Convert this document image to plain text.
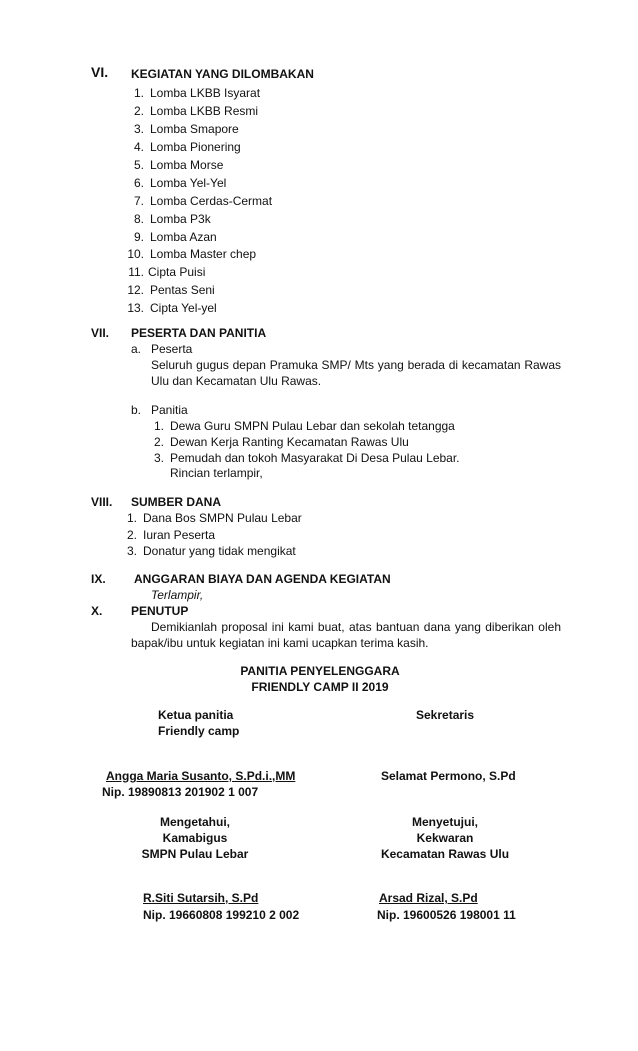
VI. KEGIATAN YANG DILOMBAKAN
1. Lomba LKBB Isyarat
2. Lomba LKBB Resmi
3. Lomba Smapore
4. Lomba Pionering
5. Lomba Morse
6. Lomba Yel-Yel
7. Lomba Cerdas-Cermat
8. Lomba P3k
9. Lomba Azan
10. Lomba Master chep
11. Cipta Puisi
12. Pentas Seni
13. Cipta Yel-yel
VII. PESERTA DAN PANITIA
a. Peserta
Seluruh gugus depan Pramuka SMP/ Mts yang berada di kecamatan Rawas Ulu dan Kecamatan Ulu Rawas.
b. Panitia
1. Dewa Guru SMPN Pulau Lebar dan sekolah tetangga
2. Dewan Kerja Ranting Kecamatan Rawas Ulu
3. Pemudah dan tokoh Masyarakat Di Desa Pulau Lebar.
Rincian terlampir,
VIII. SUMBER DANA
1. Dana Bos SMPN Pulau Lebar
2. Iuran Peserta
3. Donatur yang tidak mengikat
IX. ANGGARAN BIAYA DAN AGENDA KEGIATAN
Terlampir,
X. PENUTUP
Demikianlah proposal ini kami buat, atas bantuan dana yang diberikan oleh bapak/ibu untuk kegiatan ini kami ucapkan terima kasih.
PANITIA PENYELENGGARA
FRIENDLY CAMP II 2019
Ketua panitia
Friendly camp
Sekretaris
Angga Maria Susanto, S.Pd.i.,MM
Nip. 19890813 201902 1 007
Selamat Permono, S.Pd
Mengetahui,
Kamabigus
SMPN Pulau Lebar
Menyetujui,
Kekwaran
Kecamatan Rawas Ulu
R.Siti Sutarsih, S.Pd
Nip. 19660808 199210 2 002
Arsad Rizal, S.Pd
Nip. 19600526 198001 11
